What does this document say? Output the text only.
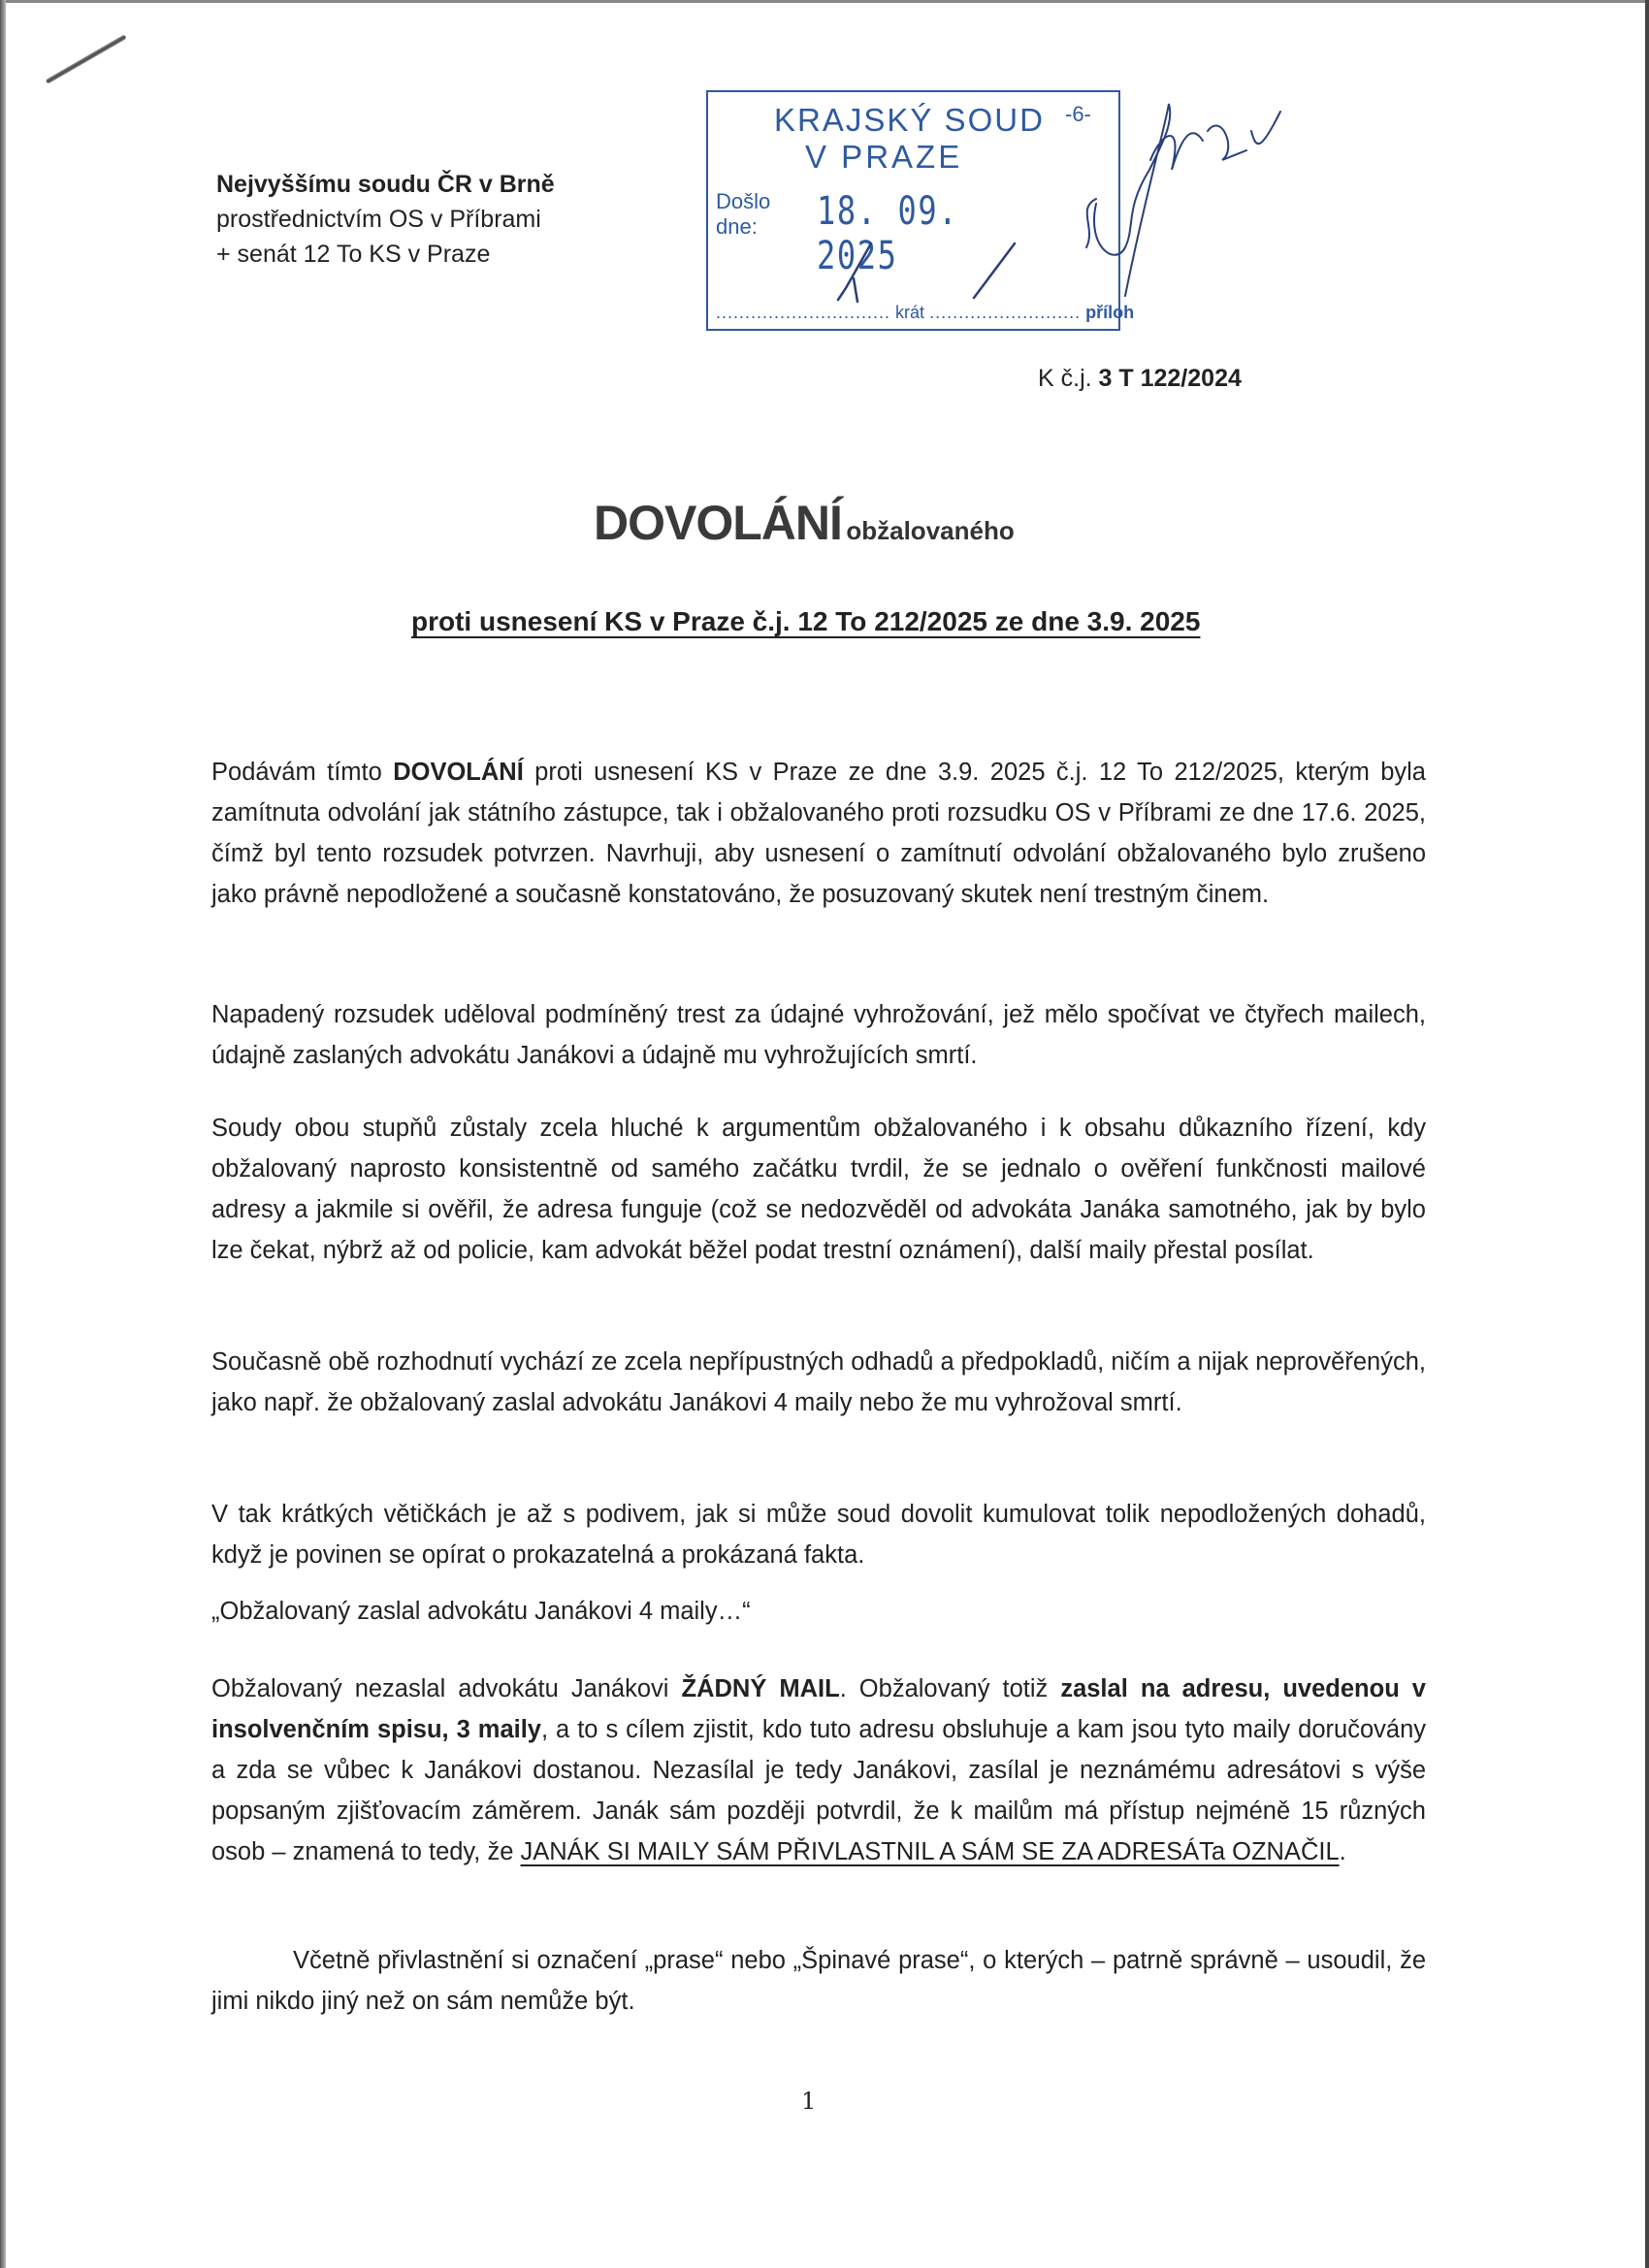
Nejvyššímu soudu ČR v Brně
prostřednictvím OS v Příbrami
+ senát 12 To KS v Praze
KRAJSKÝ SOUD
V PRAZE
-6-
Došlo
dne:	18. 09. 2025
.............................. krát .......................... příloh
K č.j. 3 T 122/2024
DOVOLÁNÍ obžalovaného
proti usnesení KS v Praze č.j. 12 To 212/2025 ze dne 3.9. 2025
Podávám tímto DOVOLÁNÍ proti usnesení KS v Praze ze dne 3.9. 2025 č.j. 12 To 212/2025, kterým byla zamítnuta odvolání jak státního zástupce, tak i obžalovaného proti rozsudku OS v Příbrami ze dne 17.6. 2025, čímž byl tento rozsudek potvrzen. Navrhuji, aby usnesení o zamítnutí odvolání obžalovaného bylo zrušeno jako právně nepodložené a současně konstatováno, že posuzovaný skutek není trestným činem.
Napadený rozsudek uděloval podmíněný trest za údajné vyhrožování, jež mělo spočívat ve čtyřech mailech, údajně zaslaných advokátu Janákovi a údajně mu vyhrožujících smrtí.
Soudy obou stupňů zůstaly zcela hluché k argumentům obžalovaného i k obsahu důkazního řízení, kdy obžalovaný naprosto konsistentně od samého začátku tvrdil, že se jednalo o ověření funkčnosti mailové adresy a jakmile si ověřil, že adresa funguje (což se nedozvěděl od advokáta Janáka samotného, jak by bylo lze čekat, nýbrž až od policie, kam advokát běžel podat trestní oznámení), další maily přestal posílat.
Současně obě rozhodnutí vychází ze zcela nepřípustných odhadů a předpokladů, ničím a nijak neprověřených, jako např. že obžalovaný zaslal advokátu Janákovi 4 maily nebo že mu vyhrožoval smrtí.
V tak krátkých větičkách je až s podivem, jak si může soud dovolit kumulovat tolik nepodložených dohadů, když je povinen se opírat o prokazatelná a prokázaná fakta.
„Obžalovaný zaslal advokátu Janákovi 4 maily…“
Obžalovaný nezaslal advokátu Janákovi ŽÁDNÝ MAIL. Obžalovaný totiž zaslal na adresu, uvedenou v insolvenčním spisu, 3 maily, a to s cílem zjistit, kdo tuto adresu obsluhuje a kam jsou tyto maily doručovány a zda se vůbec k Janákovi dostanou. Nezasílal je tedy Janákovi, zasílal je neznámému adresátovi s výše popsaným zjišťovacím záměrem. Janák sám později potvrdil, že k mailům má přístup nejméně 15 různých osob – znamená to tedy, že JANÁK SI MAILY SÁM PŘIVLASTNIL A SÁM SE ZA ADRESÁTa OZNAČIL.
Včetně přivlastnění si označení „prase“ nebo „Špinavé prase“, o kterých – patrně správně – usoudil, že jimi nikdo jiný než on sám nemůže být.
1
